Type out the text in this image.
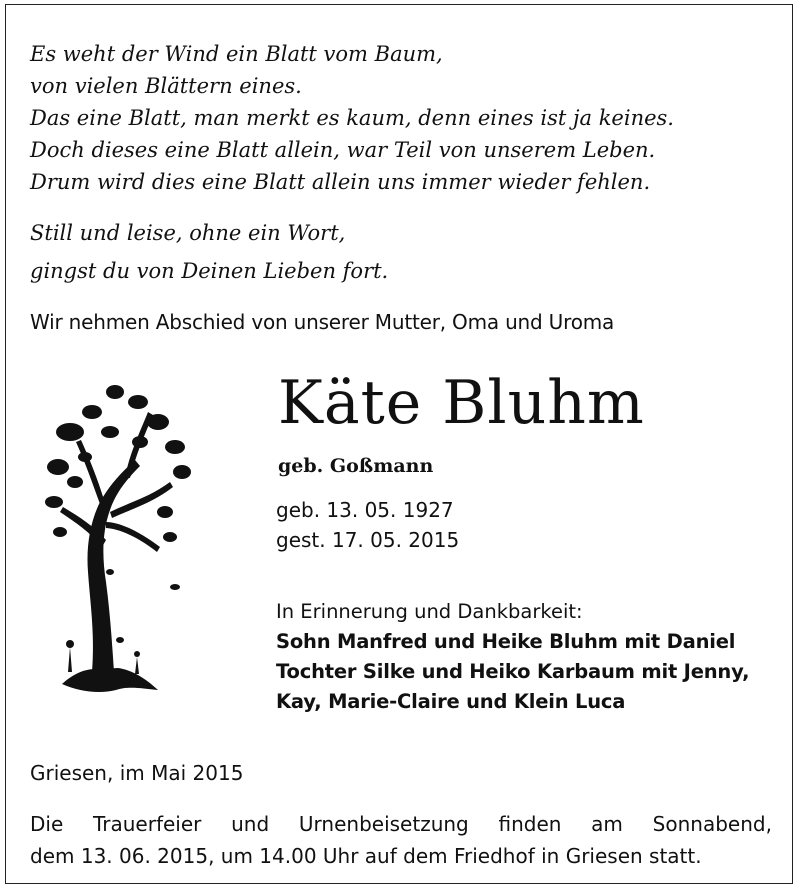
Es weht der Wind ein Blatt vom Baum,
von vielen Blättern eines.
Das eine Blatt, man merkt es kaum, denn eines ist ja keines.
Doch dieses eine Blatt allein, war Teil von unserem Leben.
Drum wird dies eine Blatt allein uns immer wieder fehlen.
Still und leise, ohne ein Wort,
gingst du von Deinen Lieben fort.
Wir nehmen Abschied von unserer Mutter, Oma und Uroma
Käte Bluhm
geb. Goßmann
geb. 13. 05. 1927
gest. 17. 05. 2015
In Erinnerung und Dankbarkeit:
Sohn Manfred und Heike Bluhm mit Daniel
Tochter Silke und Heiko Karbaum mit Jenny,
Kay, Marie-Claire und Klein Luca
Griesen, im Mai 2015
Die Trauerfeier und Urnenbeisetzung finden am Sonnabend,
dem 13. 06. 2015, um 14.00 Uhr auf dem Friedhof in Griesen statt.
